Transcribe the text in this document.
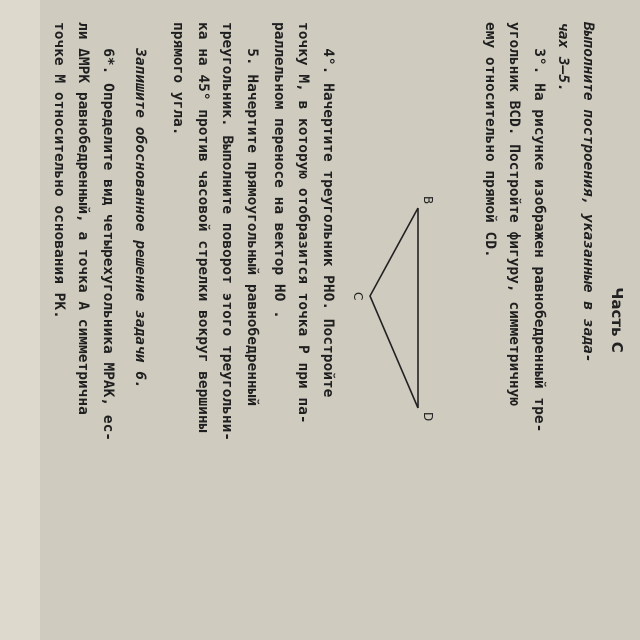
Часть С
Выполните построения, указанные в зада-
чах 3–5.
3°. На рисунке изображен равнобедренный тре-
угольник BCD. Постройте фигуру, симметричную
ему относительно прямой CD.
B
C
D
4°. Начертите треугольник PHO. Постройте
точку M, в которую отобразится точка P при па-
раллельном переносе на вектор HO .
5. Начертите прямоугольный равнобедренный
треугольник. Выполните поворот этого треугольни-
ка на 45° против часовой стрелки вокруг вершины
прямого угла.
Запишите обоснованное решение задачи 6.
6*. Определите вид четырехугольника MPAK, ес-
ли ΔMPK равнобедренный, а точка A симметрична
точке M относительно основания PK.
